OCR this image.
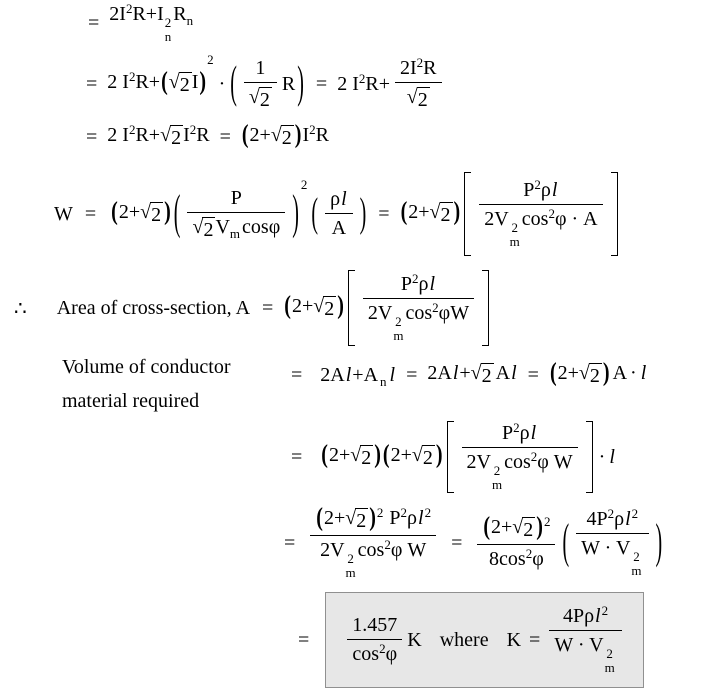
= $2I^2R+I$ 2
n
$R_n$
= 2 $I^2R+$( √ 2 I)
2
· ( $\frac{1}{√ 2}$ R ) = 2 $I^2R+ \frac{2I^2R}{√ 2}$
= 2 $I^2R+$ √ 2 $I^2R = (2+$ √ 2 )$I^2R$
W = (2+ √ 2 ) ( $\frac{P}{√ 2 V_m \cos\varphi}$ )
2
( $\frac{\rho l}{A}$ ) = (2+ √ 2 ) $P^2\rho l$
2V 2
m
$\cos^2\varphi \cdot A$
∴ Area of cross-section, A = (2+ √ 2 ) $P^2\rho l$
2V 2
m
$\cos^2\varphi W$
Volume of conductor
material required
= 2Al+A $_n$ l = 2Al+ √ 2 Al = (2+ √ 2 ) A · l
= (2+ √ 2 ) (2+ √ 2 ) $P^2\rho l$
2V 2
m
$\cos^2\varphi$ W · l
= (2+ √ 2 )$^2$ $P^2\rho l^2$
2V 2
m
$\cos^2\varphi$ $W = \frac{(2+ √ 2 )^2}{8\cos^2\varphi}$ ( $4P^2\rho l^2$
W · V 2
m )
= $\frac{1.457}{\cos^2\varphi}$ K where K =
4Pρl$^2$
W · V 2
m
